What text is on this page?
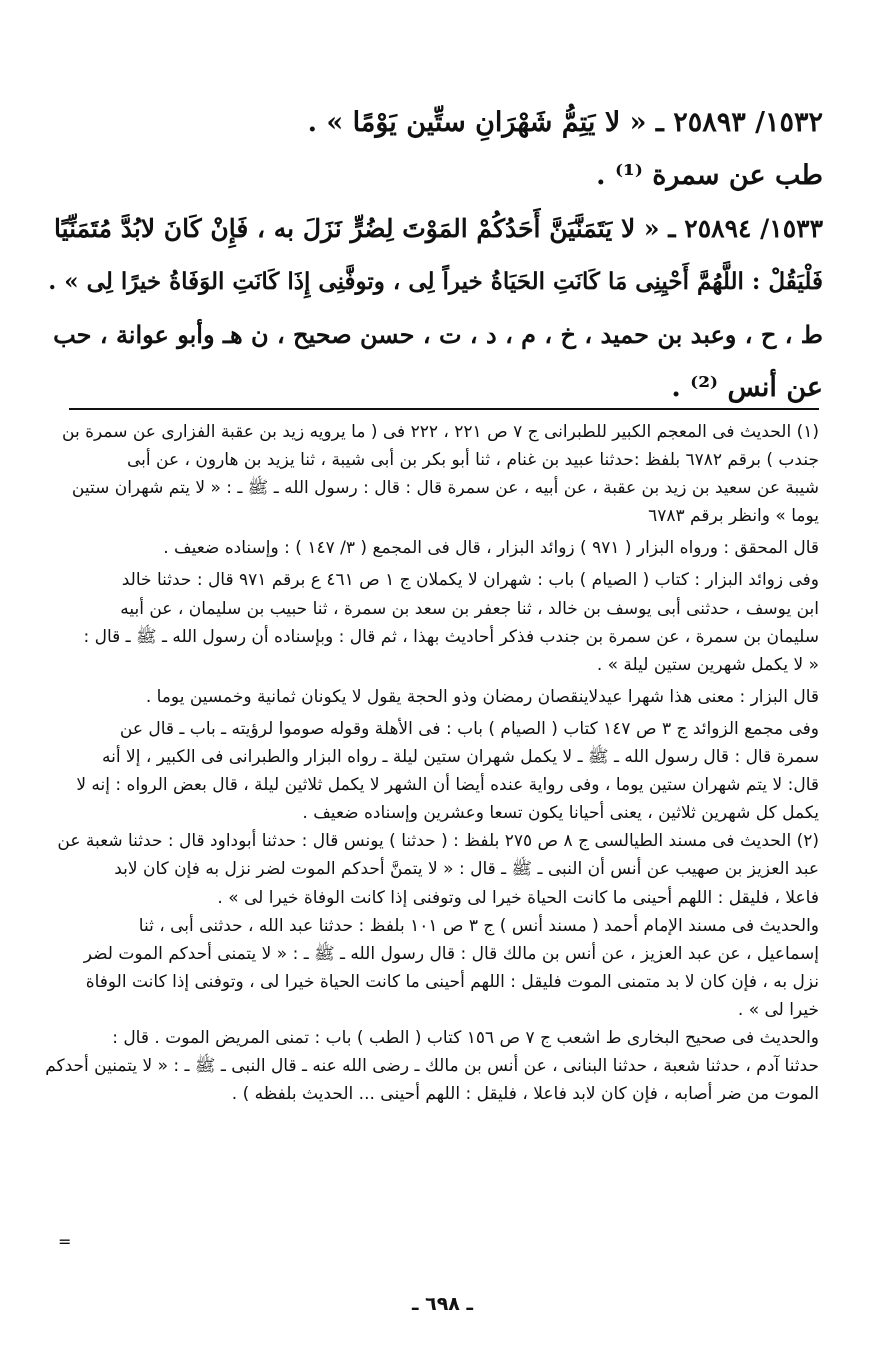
١٥٣٢/ ٢٥٨٩٣ ـ « لا يَتِمُّ شَهْرَانِ ستِّين يَوْمًا » .

طب عن سمرة ⁽¹⁾ .

١٥٣٣/ ٢٥٨٩٤ ـ « لا يَتَمَنَّيَنَّ أَحَدُكُمْ المَوْتَ لِضُرٍّ نَزَلَ به ، فَإِنْ كَانَ لابُدَّ مُتَمَنِّيًا

فَلْيَقُلْ : اللَّهُمَّ أَحْيِنِى مَا كَانَتِ الحَيَاةُ خيراً لِى ، وتوفَّنِى إِذَا كَانَتِ الوَفَاةُ خيرًا لِى » .

ط ، ح ، وعبد بن حميد ، خ ، م ، د ، ت ، حسن صحيح ، ن هـ وأبو عوانة ، حب

عن أنس ⁽²⁾ .

(١) الحديث فى المعجم الكبير للطبرانى ج ٧ ص ٢٢١ ، ٢٢٢ فى ( ما يرويه زيد بن عقبة الفزارى عن سمرة بن

جندب ) برقم ٦٧٨٢ بلفظ :حدثنا عبيد بن غنام ، ثنا أبو بكر بن أبى شيبة ، ثنا يزيد بن هارون ، عن أبى

شيبة عن سعيد بن زيد بن عقبة ، عن أبيه ، عن سمرة قال : قال : رسول الله ـ ﷺ ـ : « لا يتم شهران ستين

يوما » وانظر برقم ٦٧٨٣

قال المحقق : ورواه البزار ( ٩٧١ ) زوائد البزار ، قال فى المجمع ( ٣/ ١٤٧ ) : وإسناده ضعيف .

وفى زوائد البزار : كتاب ( الصيام ) باب : شهران لا يكملان ج ١ ص ٤٦١ ع برقم ٩٧١ قال : حدثنا خالد

ابن يوسف ، حدثنى أبى يوسف بن خالد ، ثنا جعفر بن سعد بن سمرة ، ثنا حبيب بن سليمان ، عن أبيه

سليمان بن سمرة ، عن سمرة بن جندب فذكر أحاديث بهذا ، ثم قال : وبإسناده أن رسول الله ـ ﷺ ـ قال :

« لا يكمل شهرين ستين ليلة » .

قال البزار : معنى هذا شهرا عيدلاينقصان رمضان وذو الحجة يقول لا يكونان ثمانية وخمسين يوما .

وفى مجمع الزوائد ج ٣ ص ١٤٧ كتاب ( الصيام ) باب : فى الأهلة وقوله صوموا لرؤيته ـ باب ـ قال عن

سمرة قال : قال رسول الله ـ ﷺ ـ لا يكمل شهران ستين ليلة ـ رواه البزار والطبرانى فى الكبير ، إلا أنه

قال: لا يتم شهران ستين يوما ، وفى رواية عنده أيضا أن الشهر لا يكمل ثلاثين ليلة ، قال بعض الرواه : إنه لا

يكمل كل شهرين ثلاثين ، يعنى أحيانا يكون تسعا وعشرين وإسناده ضعيف .

(٢) الحديث فى مسند الطيالسى ج ٨ ص ٢٧٥ بلفظ : ( حدثنا ) يونس قال : حدثنا أبوداود قال : حدثنا شعبة عن

عبد العزيز بن صهيب عن أنس أن النبى ـ ﷺ ـ قال : « لا يتمنَّ أحدكم الموت لضر نزل به فإن كان لابد

فاعلا ، فليقل : اللهم أحينى ما كانت الحياة خيرا لى وتوفنى إذا كانت الوفاة خيرا لى » .

والحديث فى مسند الإمام أحمد ( مسند أنس ) ج ٣ ص ١٠١ بلفظ : حدثنا عبد الله ، حدثنى أبى ، ثنا

إسماعيل ، عن عبد العزيز ، عن أنس بن مالك قال : قال رسول الله ـ ﷺ ـ : « لا يتمنى أحدكم الموت لضر

نزل به ، فإن كان لا بد متمنى الموت فليقل : اللهم أحينى ما كانت الحياة خيرا لى ، وتوفنى إذا كانت الوفاة

خيرا لى » .

والحديث فى صحيح البخارى ط اشعب ج ٧ ص ١٥٦ كتاب ( الطب ) باب : تمنى المريض الموت . قال :

حدثنا آدم ، حدثنا شعبة ، حدثنا البنانى ، عن أنس بن مالك ـ رضى الله عنه ـ قال النبى ـ ﷺ ـ : « لا يتمنين أحدكم

الموت من ضر أصابه ، فإن كان لابد فاعلا ، فليقل : اللهم أحينى ... الحديث بلفظه ) .

=
ـ ٦٩٨ ـ
